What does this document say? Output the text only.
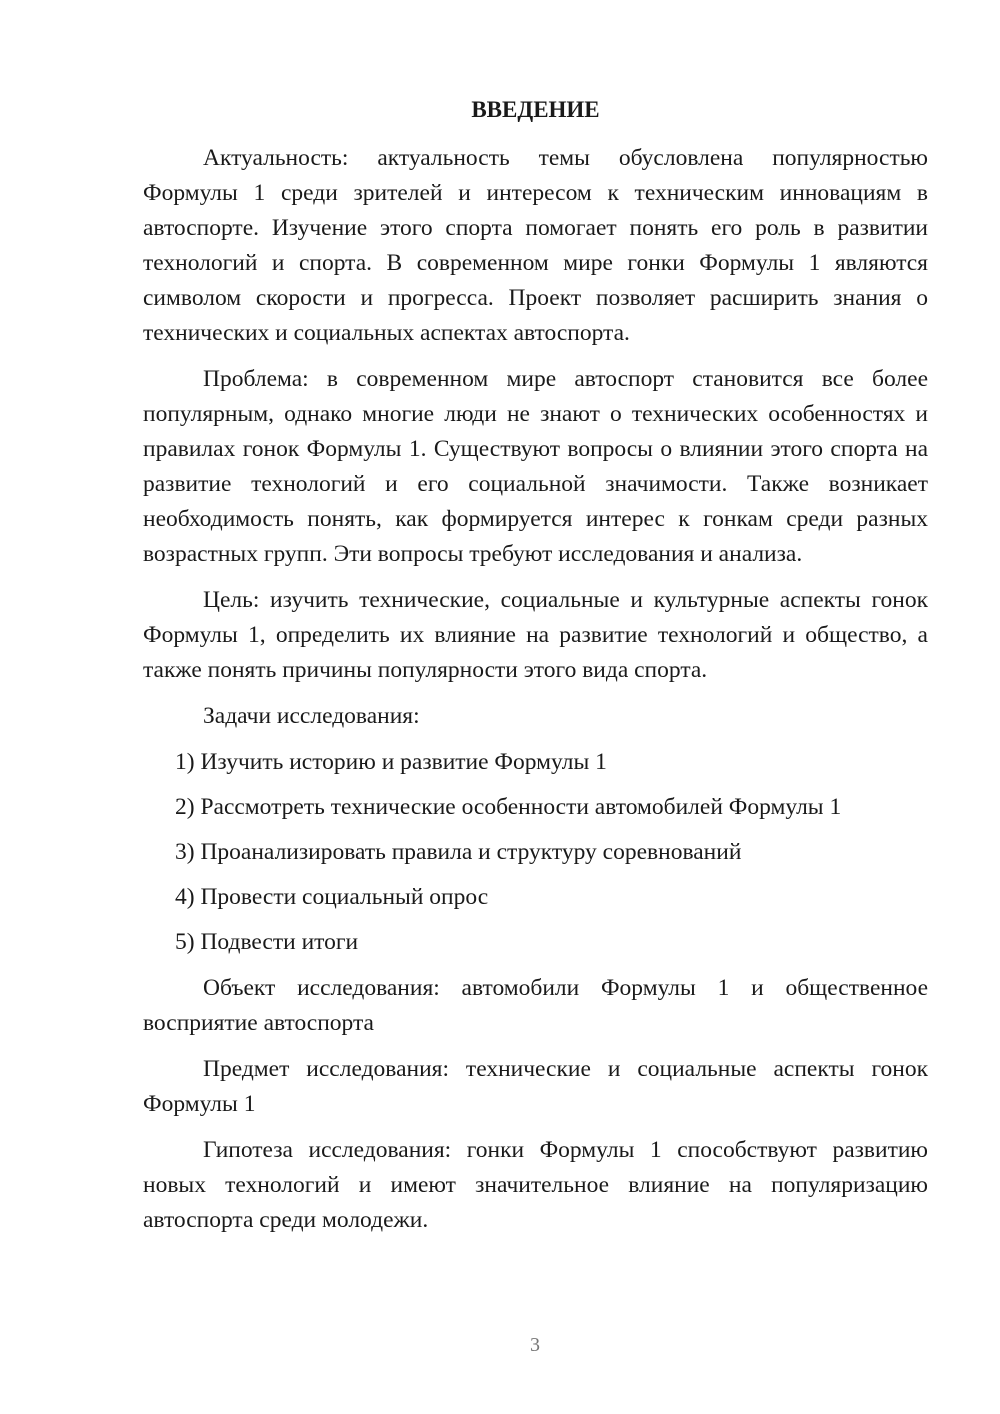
ВВЕДЕНИЕ

Актуальность: актуальность темы обусловлена популярностью Формулы 1 среди зрителей и интересом к техническим инновациям в автоспорте. Изучение этого спорта помогает понять его роль в развитии технологий и спорта. В современном мире гонки Формулы 1 являются символом скорости и прогресса. Проект позволяет расширить знания о технических и социальных аспектах автоспорта.

Проблема: в современном мире автоспорт становится все более популярным, однако многие люди не знают о технических особенностях и правилах гонок Формулы 1. Существуют вопросы о влиянии этого спорта на развитие технологий и его социальной значимости. Также возникает необходимость понять, как формируется интерес к гонкам среди разных возрастных групп. Эти вопросы требуют исследования и анализа.

Цель: изучить технические, социальные и культурные аспекты гонок Формулы 1, определить их влияние на развитие технологий и общество, а также понять причины популярности этого вида спорта.

Задачи исследования:

1) Изучить историю и развитие Формулы 1
2) Рассмотреть технические особенности автомобилей Формулы 1
3) Проанализировать правила и структуру соревнований
4) Провести социальный опрос
5) Подвести итоги

Объект исследования: автомобили Формулы 1 и общественное восприятие автоспорта

Предмет исследования: технические и социальные аспекты гонок Формулы 1

Гипотеза исследования: гонки Формулы 1 способствуют развитию новых технологий и имеют значительное влияние на популяризацию автоспорта среди молодежи.

3
